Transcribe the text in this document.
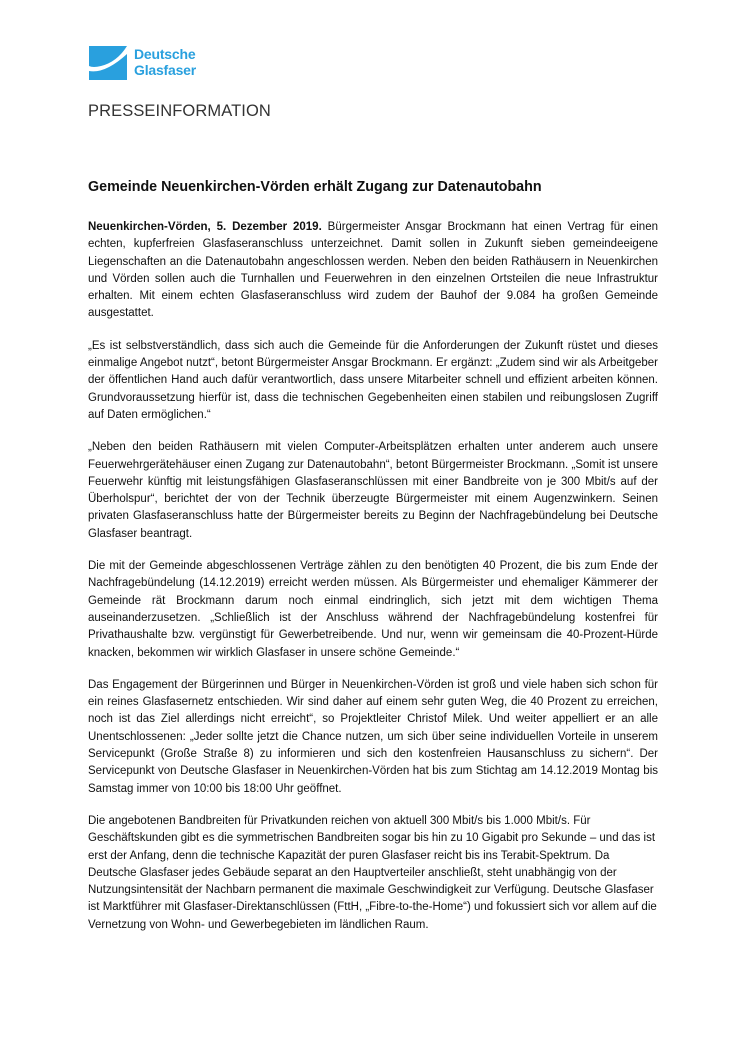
Deutsche
Glasfaser
PRESSEINFORMATION
Gemeinde Neuenkirchen-Vörden erhält Zugang zur Datenautobahn

Neuenkirchen-Vörden, 5. Dezember 2019. Bürgermeister Ansgar Brockmann hat einen Vertrag für einen echten, kupferfreien Glasfaseranschluss unterzeichnet. Damit sollen in Zukunft sieben gemeindeeigene Liegenschaften an die Datenautobahn angeschlossen werden. Neben den beiden Rathäusern in Neuenkirchen und Vörden sollen auch die Turnhallen und Feuerwehren in den einzelnen Ortsteilen die neue Infrastruktur erhalten. Mit einem echten Glasfaseranschluss wird zudem der Bauhof der 9.084 ha großen Gemeinde ausgestattet.

„Es ist selbstverständlich, dass sich auch die Gemeinde für die Anforderungen der Zukunft rüstet und dieses einmalige Angebot nutzt“, betont Bürgermeister Ansgar Brockmann. Er ergänzt: „Zudem sind wir als Arbeitgeber der öffentlichen Hand auch dafür verantwortlich, dass unsere Mitarbeiter schnell und effizient arbeiten können. Grundvoraussetzung hierfür ist, dass die technischen Gegebenheiten einen stabilen und reibungslosen Zugriff auf Daten ermöglichen.“

„Neben den beiden Rathäusern mit vielen Computer-Arbeitsplätzen erhalten unter anderem auch unsere Feuerwehrgerätehäuser einen Zugang zur Datenautobahn“, betont Bürgermeister Brockmann. „Somit ist unsere Feuerwehr künftig mit leistungsfähigen Glasfaseranschlüssen mit einer Bandbreite von je 300 Mbit/s auf der Überholspur“, berichtet der von der Technik überzeugte Bürgermeister mit einem Augenzwinkern. Seinen privaten Glasfaseranschluss hatte der Bürgermeister bereits zu Beginn der Nachfragebündelung bei Deutsche Glasfaser beantragt.

Die mit der Gemeinde abgeschlossenen Verträge zählen zu den benötigten 40 Prozent, die bis zum Ende der Nachfragebündelung (14.12.2019) erreicht werden müssen. Als Bürgermeister und ehemaliger Kämmerer der Gemeinde rät Brockmann darum noch einmal eindringlich, sich jetzt mit dem wichtigen Thema auseinanderzusetzen. „Schließlich ist der Anschluss während der Nachfragebündelung kostenfrei für Privathaushalte bzw. vergünstigt für Gewerbetreibende. Und nur, wenn wir gemeinsam die 40-Prozent-Hürde knacken, bekommen wir wirklich Glasfaser in unsere schöne Gemeinde.“

Das Engagement der Bürgerinnen und Bürger in Neuenkirchen-Vörden ist groß und viele haben sich schon für ein reines Glasfasernetz entschieden. Wir sind daher auf einem sehr guten Weg, die 40 Prozent zu erreichen, noch ist das Ziel allerdings nicht erreicht“, so Projektleiter Christof Milek. Und weiter appelliert er an alle Unentschlossenen: „Jeder sollte jetzt die Chance nutzen, um sich über seine individuellen Vorteile in unserem Servicepunkt (Große Straße 8) zu informieren und sich den kostenfreien Hausanschluss zu sichern“. Der Servicepunkt von Deutsche Glasfaser in Neuenkirchen-Vörden hat bis zum Stichtag am 14.12.2019 Montag bis Samstag immer von 10:00 bis 18:00 Uhr geöffnet.

Die angebotenen Bandbreiten für Privatkunden reichen von aktuell 300 Mbit/s bis 1.000 Mbit/s. Für Geschäftskunden gibt es die symmetrischen Bandbreiten sogar bis hin zu 10 Gigabit pro Sekunde – und das ist erst der Anfang, denn die technische Kapazität der puren Glasfaser reicht bis ins Terabit-Spektrum. Da Deutsche Glasfaser jedes Gebäude separat an den Hauptverteiler anschließt, steht unabhängig von der Nutzungsintensität der Nachbarn permanent die maximale Geschwindigkeit zur Verfügung. Deutsche Glasfaser ist Marktführer mit Glasfaser-Direktanschlüssen (FttH, „Fibre-to-the-Home“) und fokussiert sich vor allem auf die Vernetzung von Wohn- und Gewerbegebieten im ländlichen Raum.
